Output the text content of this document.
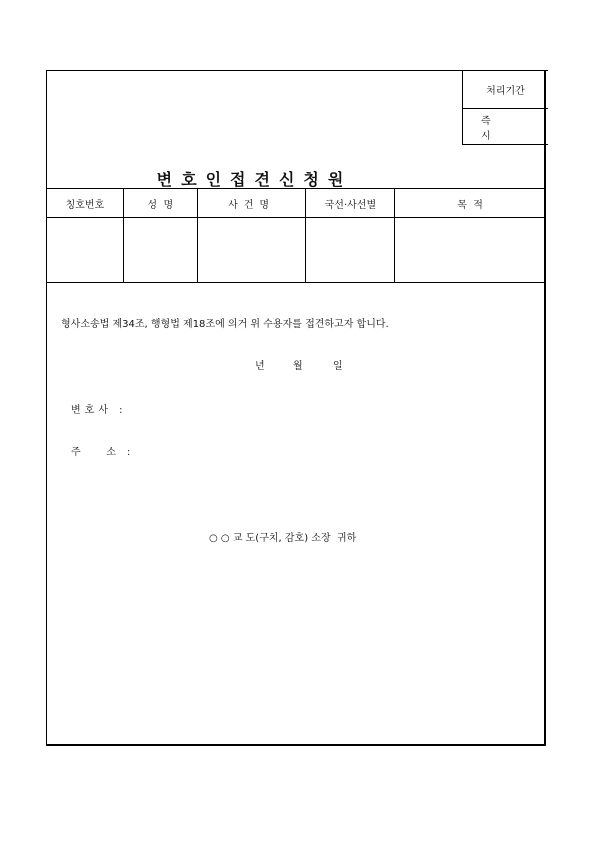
변호인접견신청원
처리기간
즉 시
칭호번호	성  명	사건명	국선·사선별	목  적

형사소송법 제34조, 행형법 제18조에 의거 위 수용자를 접견하고자 합니다.
년	월	일
변호사 :
주   소 :
○ ○ 교 도(구치, 감호) 소장  귀하
